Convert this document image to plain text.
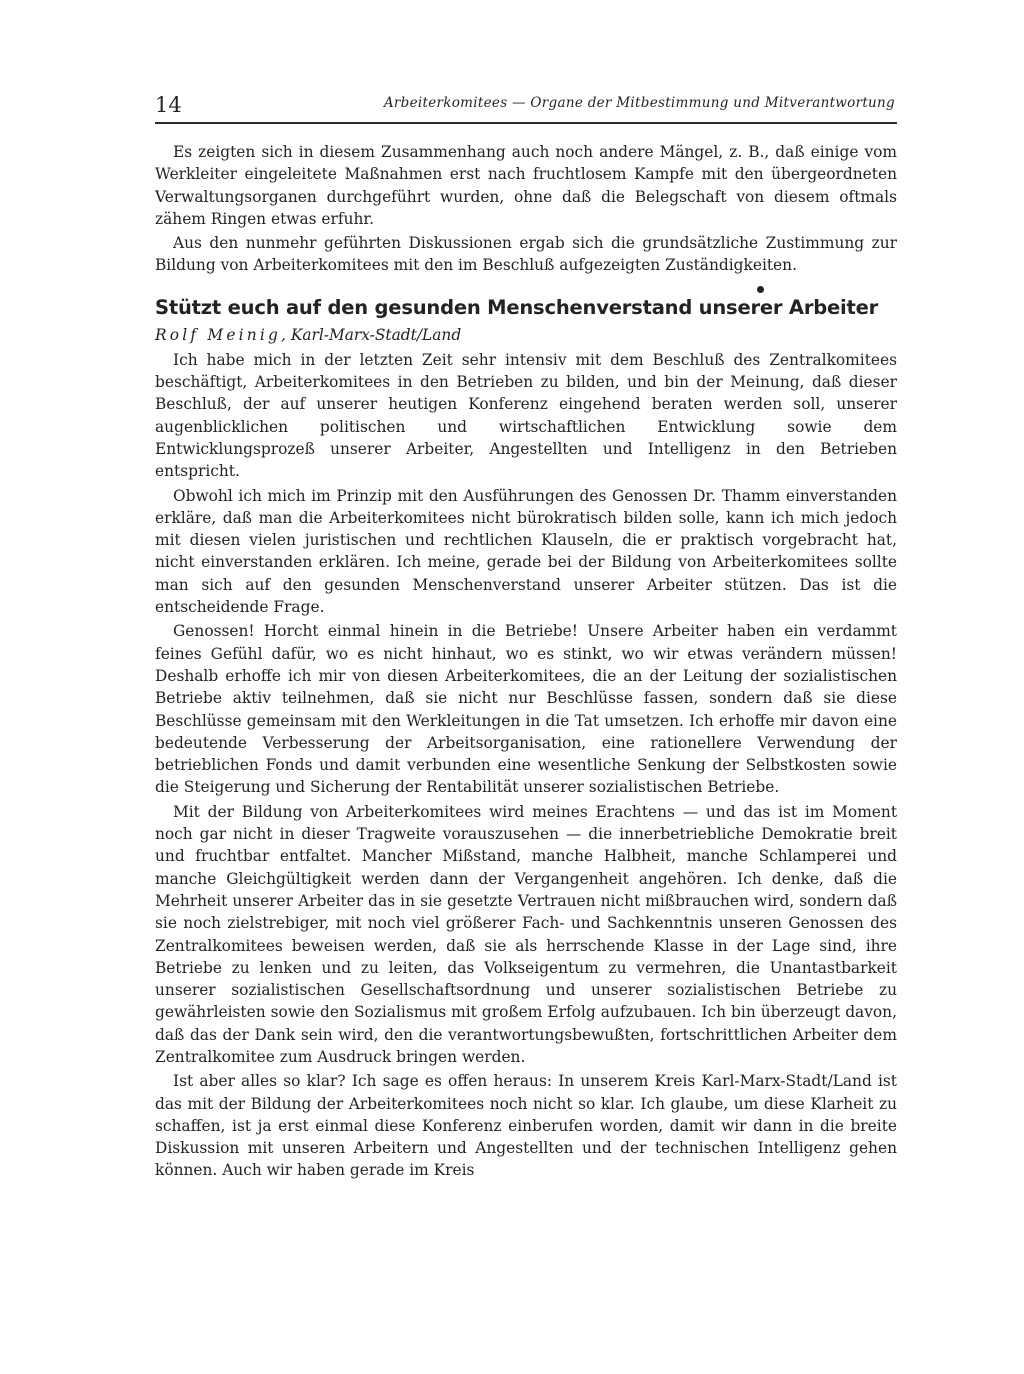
14	Arbeiterkomitees — Organe der Mitbestimmung und Mitverantwortung

Es zeigten sich in diesem Zusammenhang auch noch andere Mängel, z. B., daß einige vom Werkleiter eingeleitete Maßnahmen erst nach fruchtlosem Kampfe mit den übergeordneten Verwaltungsorganen durchgeführt wurden, ohne daß die Belegschaft von diesem oftmals zähem Ringen etwas erfuhr.

Aus den nunmehr geführten Diskussionen ergab sich die grundsätzliche Zustimmung zur Bildung von Arbeiterkomitees mit den im Beschluß aufgezeigten Zuständigkeiten.

Stützt euch auf den gesunden Menschenverstand unserer Arbeiter
Rolf Meinig, Karl-Marx-Stadt/Land

Ich habe mich in der letzten Zeit sehr intensiv mit dem Beschluß des Zentralkomitees beschäftigt, Arbeiterkomitees in den Betrieben zu bilden, und bin der Meinung, daß dieser Beschluß, der auf unserer heutigen Konferenz eingehend beraten werden soll, unserer augenblicklichen politischen und wirtschaftlichen Entwicklung sowie dem Entwicklungsprozeß unserer Arbeiter, Angestellten und Intelligenz in den Betrieben entspricht.

Obwohl ich mich im Prinzip mit den Ausführungen des Genossen Dr. Thamm einverstanden erkläre, daß man die Arbeiterkomitees nicht bürokratisch bilden solle, kann ich mich jedoch mit diesen vielen juristischen und rechtlichen Klauseln, die er praktisch vorgebracht hat, nicht einverstanden erklären. Ich meine, gerade bei der Bildung von Arbeiterkomitees sollte man sich auf den gesunden Menschenverstand unserer Arbeiter stützen. Das ist die entscheidende Frage.

Genossen! Horcht einmal hinein in die Betriebe! Unsere Arbeiter haben ein verdammt feines Gefühl dafür, wo es nicht hinhaut, wo es stinkt, wo wir etwas verändern müssen! Deshalb erhoffe ich mir von diesen Arbeiterkomitees, die an der Leitung der sozialistischen Betriebe aktiv teilnehmen, daß sie nicht nur Beschlüsse fassen, sondern daß sie diese Beschlüsse gemeinsam mit den Werkleitungen in die Tat umsetzen. Ich erhoffe mir davon eine bedeutende Verbesserung der Arbeitsorganisation, eine rationellere Verwendung der betrieblichen Fonds und damit verbunden eine wesentliche Senkung der Selbstkosten sowie die Steigerung und Sicherung der Rentabilität unserer sozialistischen Betriebe.

Mit der Bildung von Arbeiterkomitees wird meines Erachtens — und das ist im Moment noch gar nicht in dieser Tragweite vorauszusehen — die innerbetriebliche Demokratie breit und fruchtbar entfaltet. Mancher Mißstand, manche Halbheit, manche Schlamperei und manche Gleichgültigkeit werden dann der Vergangenheit angehören. Ich denke, daß die Mehrheit unserer Arbeiter das in sie gesetzte Vertrauen nicht mißbrauchen wird, sondern daß sie noch zielstrebiger, mit noch viel größerer Fach- und Sachkenntnis unseren Genossen des Zentralkomitees beweisen werden, daß sie als herrschende Klasse in der Lage sind, ihre Betriebe zu lenken und zu leiten, das Volkseigentum zu vermehren, die Unantastbarkeit unserer sozialistischen Gesellschaftsordnung und unserer sozialistischen Betriebe zu gewährleisten sowie den Sozialismus mit großem Erfolg aufzubauen. Ich bin überzeugt davon, daß das der Dank sein wird, den die verantwortungsbewußten, fortschrittlichen Arbeiter dem Zentralkomitee zum Ausdruck bringen werden.

Ist aber alles so klar? Ich sage es offen heraus: In unserem Kreis Karl-Marx-Stadt/Land ist das mit der Bildung der Arbeiterkomitees noch nicht so klar. Ich glaube, um diese Klarheit zu schaffen, ist ja erst einmal diese Konferenz einberufen worden, damit wir dann in die breite Diskussion mit unseren Arbeitern und Angestellten und der technischen Intelligenz gehen können. Auch wir haben gerade im Kreis
